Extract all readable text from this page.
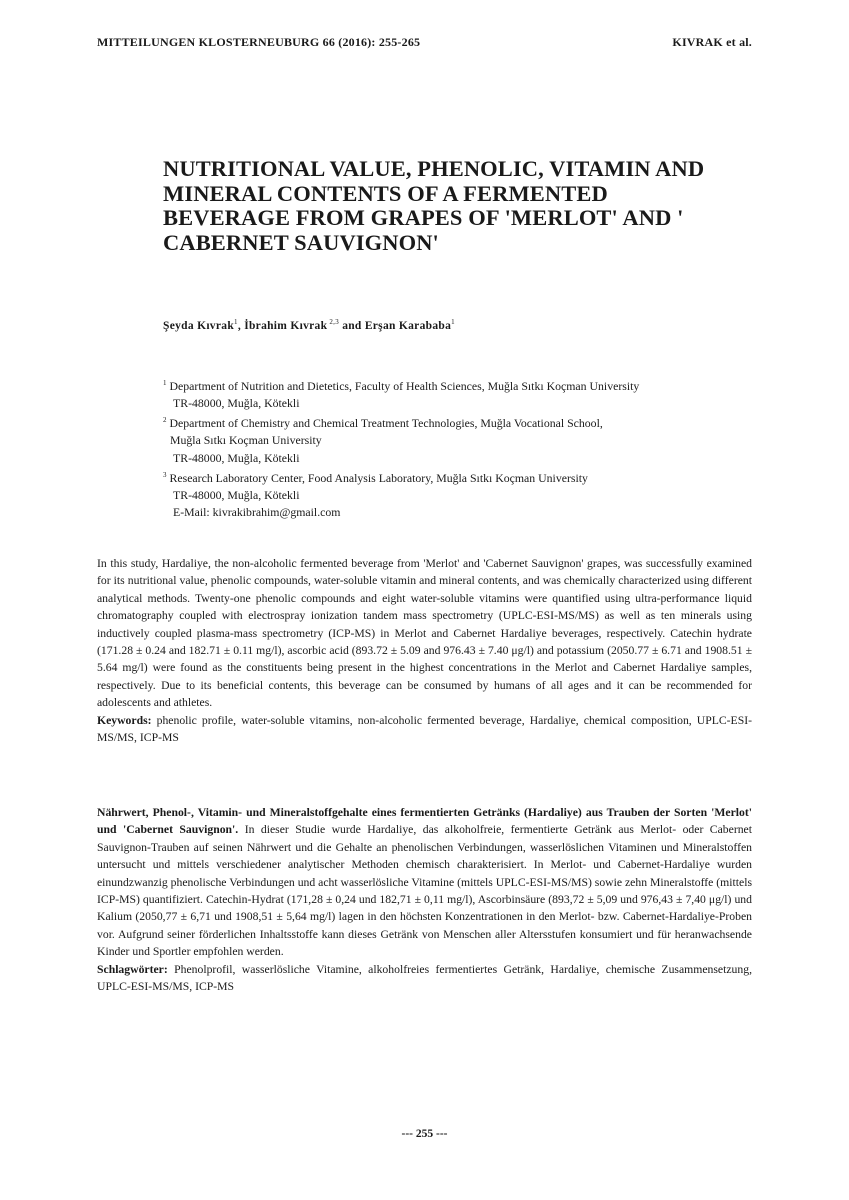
MITTEILUNGEN KLOSTERNEUBURG 66 (2016): 255-265	KIVRAK et al.
NUTRITIONAL VALUE, PHENOLIC, VITAMIN AND
MINERAL CONTENTS OF A FERMENTED
BEVERAGE FROM GRAPES OF 'MERLOT' AND '
CABERNET SAUVIGNON'
Şeyda Kıvrak$^1$, İbrahim Kıvrak $^{2,3}$ and Erşan Karababa$^1$
$^1$ Department of Nutrition and Dietetics, Faculty of Health Sciences, Muğla Sıtkı Koçman University
TR-48000, Muğla, Kötekli
$^2$ Department of Chemistry and Chemical Treatment Technologies, Muğla Vocational School,
Muğla Sıtkı Koçman University
TR-48000, Muğla, Kötekli
$^3$ Research Laboratory Center, Food Analysis Laboratory, Muğla Sıtkı Koçman University
TR-48000, Muğla, Kötekli
E-Mail: kivrakibrahim@gmail.com
In this study, Hardaliye, the non-alcoholic fermented beverage from 'Merlot' and 'Cabernet Sauvignon' grapes, was successfully examined for its nutritional value, phenolic compounds, water-soluble vitamin and mineral contents, and was chemically characterized using different analytical methods. Twenty-one phenolic compounds and eight water-soluble vitamins were quantified using ultra-performance liquid chromatography coupled with electrospray ionization tandem mass spectrometry (UPLC-ESI-MS/MS) as well as ten minerals using inductively coupled plasma-mass spectrometry (ICP-MS) in Merlot and Cabernet Hardaliye beverages, respectively. Catechin hydrate (171.28 ± 0.24 and 182.71 ± 0.11 mg/l), ascorbic acid (893.72 ± 5.09 and 976.43 ± 7.40 μg/l) and potassium (2050.77 ± 6.71 and 1908.51 ± 5.64 mg/l) were found as the constituents being present in the highest concentrations in the Merlot and Cabernet Hardaliye samples, respectively. Due to its beneficial contents, this beverage can be consumed by humans of all ages and it can be recommended for adolescents and athletes.
Keywords: phenolic profile, water-soluble vitamins, non-alcoholic fermented beverage, Hardaliye, chemical composition, UPLC-ESI-MS/MS, ICP-MS
Nährwert, Phenol-, Vitamin- und Mineralstoffgehalte eines fermentierten Getränks (Hardaliye) aus Trauben der Sorten 'Merlot' und 'Cabernet Sauvignon'. In dieser Studie wurde Hardaliye, das alkoholfreie, fermentierte Getränk aus Merlot- oder Cabernet Sauvignon-Trauben auf seinen Nährwert und die Gehalte an phenolischen Verbindungen, wasserlöslichen Vitaminen und Mineralstoffen untersucht und mittels verschiedener analytischer Methoden chemisch charakterisiert. In Merlot- und Cabernet-Hardaliye wurden einundzwanzig phenolische Verbindungen und acht wasserlösliche Vitamine (mittels UPLC-ESI-MS/MS) sowie zehn Mineralstoffe (mittels ICP-MS) quantifiziert. Catechin-Hydrat (171,28 ± 0,24 und 182,71 ± 0,11 mg/l), Ascorbinsäure (893,72 ± 5,09 und 976,43 ± 7,40 μg/l) und Kalium (2050,77 ± 6,71 und 1908,51 ± 5,64 mg/l) lagen in den höchsten Konzentrationen in den Merlot- bzw. Cabernet-Hardaliye-Proben vor. Aufgrund seiner förderlichen Inhaltsstoffe kann dieses Getränk von Menschen aller Altersstufen konsumiert und für heranwachsende Kinder und Sportler empfohlen werden.
Schlagwörter: Phenolprofil, wasserlösliche Vitamine, alkoholfreies fermentiertes Getränk, Hardaliye, chemische Zusammensetzung, UPLC-ESI-MS/MS, ICP-MS
--- 255 ---
